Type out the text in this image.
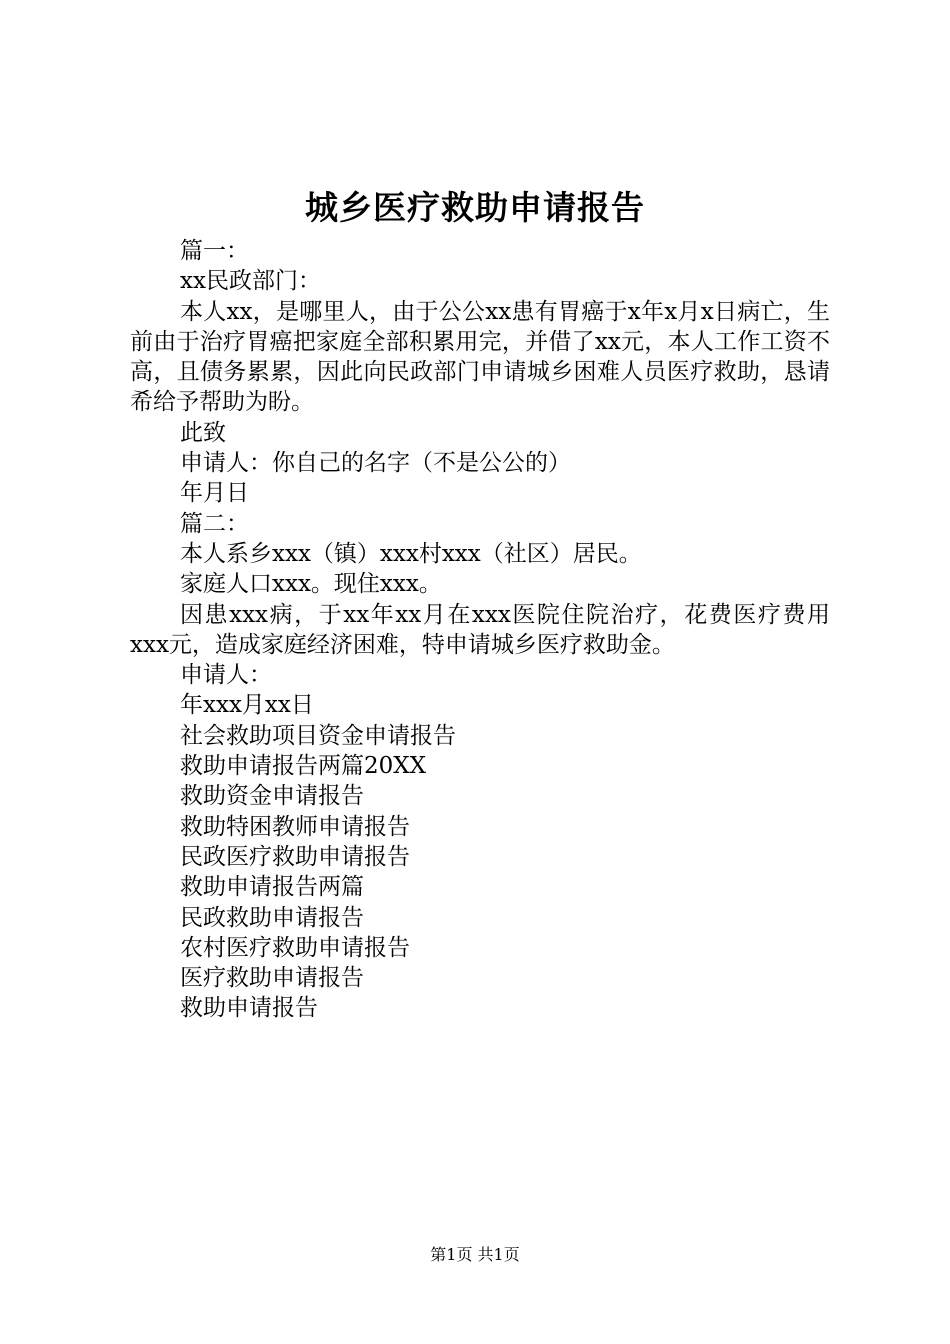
城乡医疗救助申请报告

篇一：

xx民政部门：

本人xx，是哪里人，由于公公xx患有胃癌于x年x月x日病亡，生前由于治疗胃癌把家庭全部积累用完，并借了xx元，本人工作工资不高，且债务累累，因此向民政部门申请城乡困难人员医疗救助，恳请希给予帮助为盼。

此致

申请人：你自己的名字（不是公公的）

年月日

篇二：

本人系乡xxx（镇）xxx村xxx（社区）居民。

家庭人口xxx。现住xxx。

因患xxx病，于xx年xx月在xxx医院住院治疗，花费医疗费用xxx元，造成家庭经济困难，特申请城乡医疗救助金。

申请人：

年xxx月xx日

社会救助项目资金申请报告

救助申请报告两篇20XX

救助资金申请报告

救助特困教师申请报告

民政医疗救助申请报告

救助申请报告两篇

民政救助申请报告

农村医疗救助申请报告

医疗救助申请报告

救助申请报告

第1页 共1页
